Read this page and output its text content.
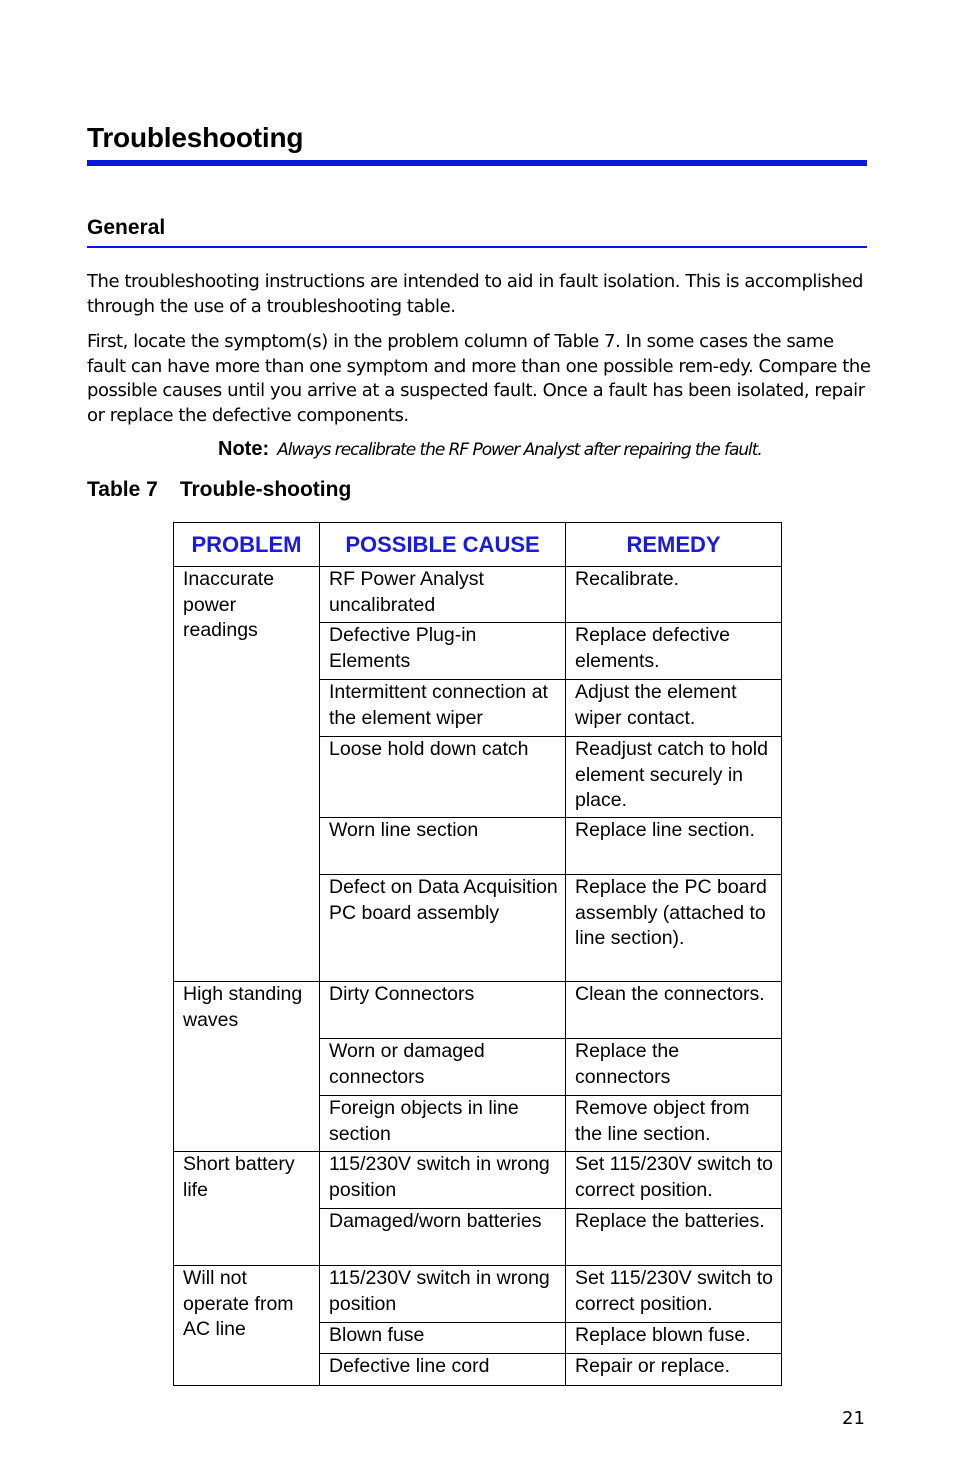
Troubleshooting
General

The troubleshooting instructions are intended to aid in fault isolation. This is accomplished through the use of a troubleshooting table.

First, locate the symptom(s) in the problem column of Table 7. In some cases the same fault can have more than one symptom and more than one possible rem-edy. Compare the possible causes until you arrive at a suspected fault. Once a fault has been isolated, repair or replace the defective components.

Note: Always recalibrate the RF Power Analyst after repairing the fault.
Table 7 Trouble-shooting
PROBLEM	POSSIBLE CAUSE	REMEDY
Inaccurate power readings	RF Power Analyst uncalibrated	Recalibrate.
	Defective Plug-in Elements	Replace defective elements.
	Intermittent connection at the element wiper	Adjust the element wiper contact.
	Loose hold down catch	Readjust catch to hold element securely in place.
	Worn line section	Replace line section.
	Defect on Data Acquisition PC board assembly	Replace the PC board assembly (attached to line section).
High standing waves	Dirty Connectors	Clean the connectors.
	Worn or damaged connectors	Replace the connectors
	Foreign objects in line section	Remove object from the line section.
Short battery life	115/230V switch in wrong position	Set 115/230V switch to correct position.
	Damaged/worn batteries	Replace the batteries.
Will not operate from AC line	115/230V switch in wrong position	Set 115/230V switch to correct position.
	Blown fuse	Replace blown fuse.
	Defective line cord	Repair or replace.
21
